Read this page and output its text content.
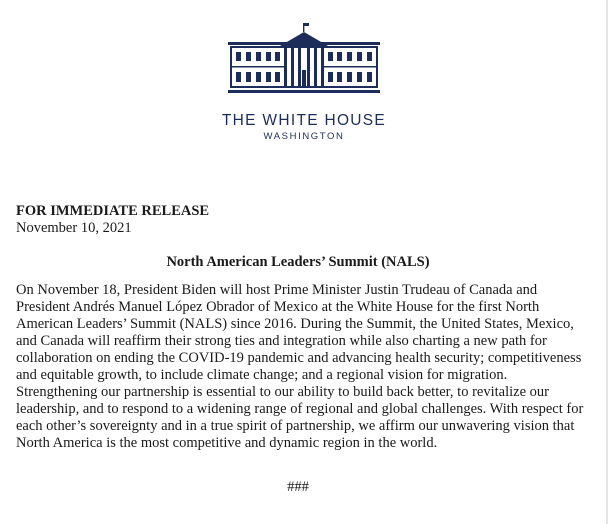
THE WHITE HOUSE
WASHINGTON
FOR IMMEDIATE RELEASE
November 10, 2021
North American Leaders’ Summit (NALS)

On November 18, President Biden will host Prime Minister Justin Trudeau of Canada and President Andrés Manuel López Obrador of Mexico at the White House for the first North American Leaders’ Summit (NALS) since 2016. During the Summit, the United States, Mexico, and Canada will reaffirm their strong ties and integration while also charting a new path for collaboration on ending the COVID-19 pandemic and advancing health security; competitiveness and equitable growth, to include climate change; and a regional vision for migration. Strengthening our partnership is essential to our ability to build back better, to revitalize our leadership, and to respond to a widening range of regional and global challenges. With respect for each other’s sovereignty and in a true spirit of partnership, we affirm our unwavering vision that North America is the most competitive and dynamic region in the world.

###
